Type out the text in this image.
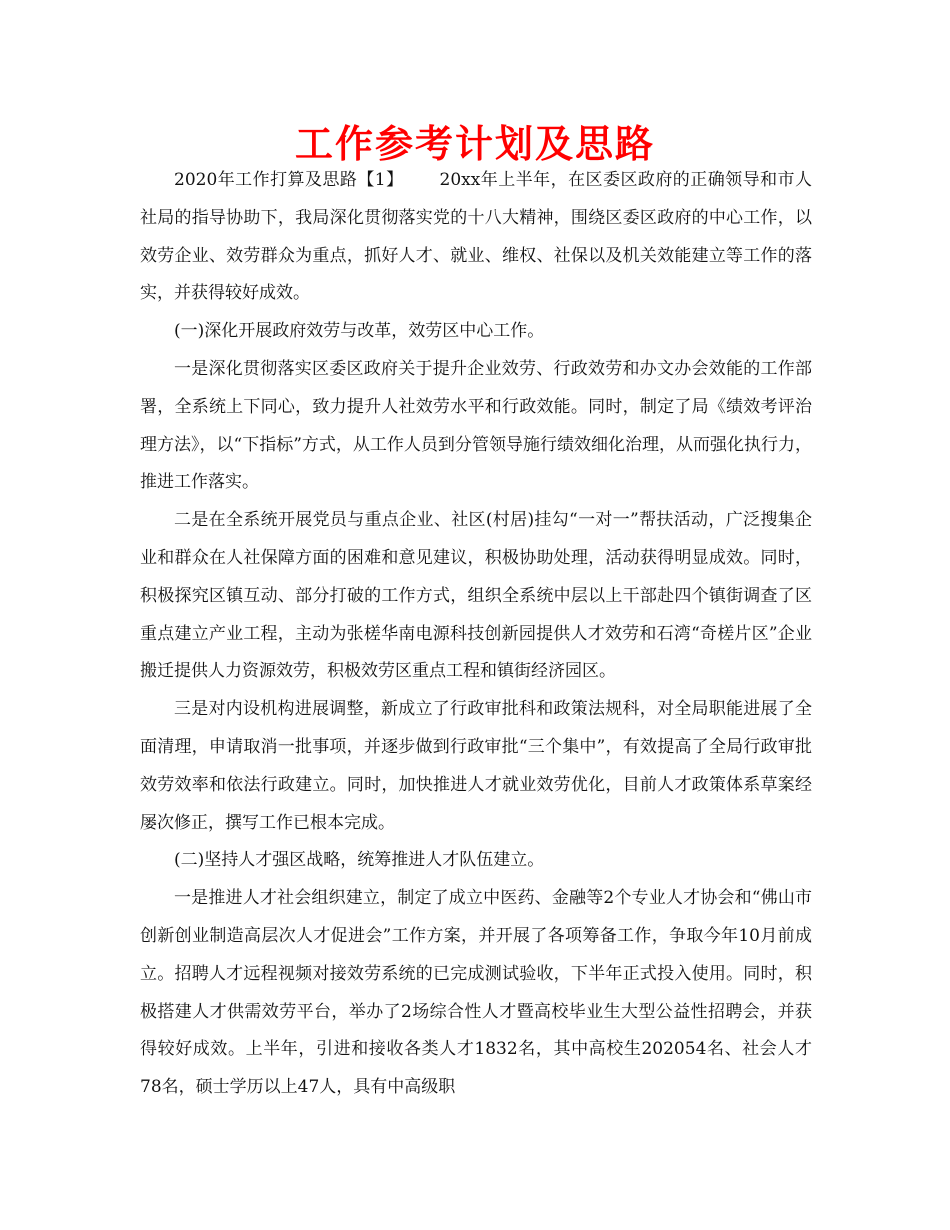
工作参考计划及思路

2020年工作打算及思路【1】 20xx年上半年，在区委区政府的正确领导和市人社局的指导协助下，我局深化贯彻落实党的十八大精神，围绕区委区政府的中心工作，以效劳企业、效劳群众为重点，抓好人才、就业、维权、社保以及机关效能建立等工作的落实，并获得较好成效。

(一)深化开展政府效劳与改革，效劳区中心工作。

一是深化贯彻落实区委区政府关于提升企业效劳、行政效劳和办文办会效能的工作部署，全系统上下同心，致力提升人社效劳水平和行政效能。同时，制定了局《绩效考评治理方法》，以“下指标”方式，从工作人员到分管领导施行绩效细化治理，从而强化执行力，推进工作落实。

二是在全系统开展党员与重点企业、社区(村居)挂勾“一对一”帮扶活动，广泛搜集企业和群众在人社保障方面的困难和意见建议，积极协助处理，活动获得明显成效。同时，积极探究区镇互动、部分打破的工作方式，组织全系统中层以上干部赴四个镇街调查了区重点建立产业工程，主动为张槎华南电源科技创新园提供人才效劳和石湾“奇槎片区”企业搬迁提供人力资源效劳，积极效劳区重点工程和镇街经济园区。

三是对内设机构进展调整，新成立了行政审批科和政策法规科，对全局职能进展了全面清理，申请取消一批事项，并逐步做到行政审批“三个集中”，有效提高了全局行政审批效劳效率和依法行政建立。同时，加快推进人才就业效劳优化，目前人才政策体系草案经屡次修正，撰写工作已根本完成。

(二)坚持人才强区战略，统筹推进人才队伍建立。

一是推进人才社会组织建立，制定了成立中医药、金融等2个专业人才协会和“佛山市创新创业制造高层次人才促进会”工作方案，并开展了各项筹备工作，争取今年10月前成立。招聘人才远程视频对接效劳系统的已完成测试验收，下半年正式投入使用。同时，积极搭建人才供需效劳平台，举办了2场综合性人才暨高校毕业生大型公益性招聘会，并获得较好成效。上半年，引进和接收各类人才1832名，其中高校生202054名、社会人才78名，硕士学历以上47人，具有中高级职
